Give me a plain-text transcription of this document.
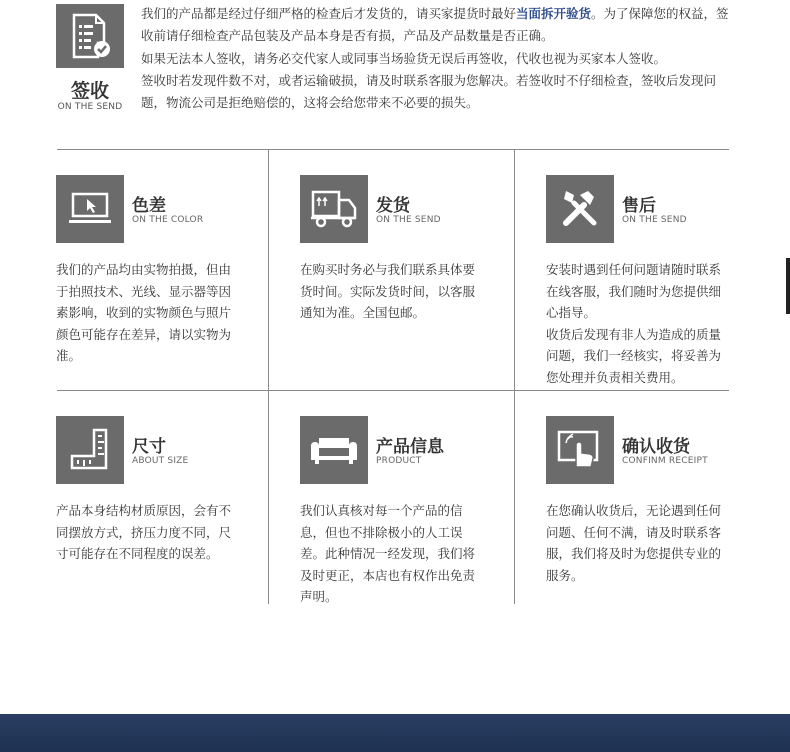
签收
ON THE SEND

我们的产品都是经过仔细严格的检查后才发货的，请买家提货时最好当面拆开验货。为了保障您的权益，签收前请仔细检查产品包装及产品本身是否有损，产品及产品数量是否正确。

如果无法本人签收，请务必交代家人或同事当场验货无误后再签收，代收也视为买家本人签收。

签收时若发现件数不对，或者运输破损，请及时联系客服为您解决。若签收时不仔细检查，签收后发现问题，物流公司是拒绝赔偿的，这将会给您带来不必要的损失。

色差
ON THE COLOR

我们的产品均由实物拍摄，但由于拍照技术、光线、显示器等因素影响，收到的实物颜色与照片颜色可能存在差异，请以实物为准。

发货
ON THE SEND

在购买时务必与我们联系具体要货时间。实际发货时间，以客服通知为准。全国包邮。

售后
ON THE SEND

安装时遇到任何问题请随时联系在线客服，我们随时为您提供细心指导。

收货后发现有非人为造成的质量问题，我们一经核实，将妥善为您处理并负责相关费用。

尺寸
ABOUT SIZE

产品本身结构材质原因，会有不同摆放方式，挤压力度不同，尺寸可能存在不同程度的误差。

产品信息
PRODUCT

我们认真核对每一个产品的信息，但也不排除极小的人工误差。此种情况一经发现，我们将及时更正，本店也有权作出免责声明。

确认收货
CONFINM RECEIPT

在您确认收货后，无论遇到任何问题、任何不满，请及时联系客服，我们将及时为您提供专业的服务。
